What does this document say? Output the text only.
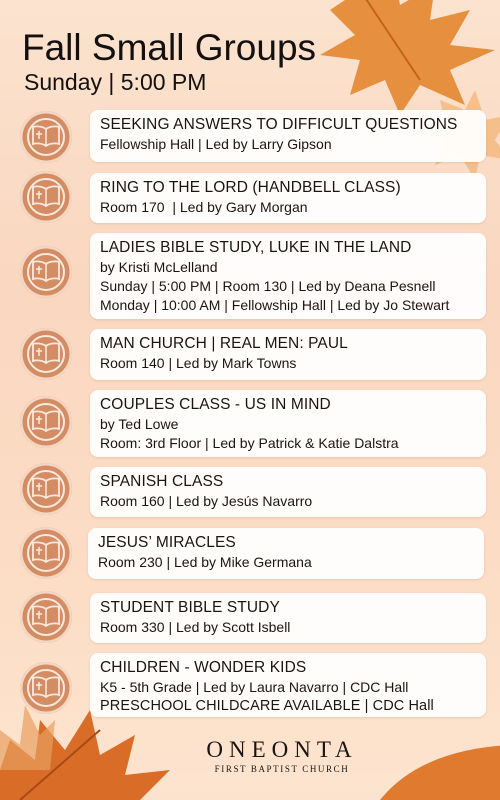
Fall Small Groups
Sunday | 5:00 PM
SEEKING ANSWERS TO DIFFICULT QUESTIONS
Fellowship Hall | Led by Larry Gipson
RING TO THE LORD (HANDBELL CLASS)
Room 170  | Led by Gary Morgan
LADIES BIBLE STUDY, LUKE IN THE LAND
by Kristi McLelland
Sunday | 5:00 PM | Room 130 | Led by Deana Pesnell
Monday | 10:00 AM | Fellowship Hall | Led by Jo Stewart
MAN CHURCH | REAL MEN: PAUL
Room 140 | Led by Mark Towns
COUPLES CLASS - US IN MIND
by Ted Lowe
Room: 3rd Floor | Led by Patrick & Katie Dalstra
SPANISH CLASS
Room 160 | Led by Jesús Navarro
JESUS’ MIRACLES
Room 230 | Led by Mike Germana
STUDENT BIBLE STUDY
Room 330 | Led by Scott Isbell
CHILDREN - WONDER KIDS
K5 - 5th Grade | Led by Laura Navarro | CDC Hall
PRESCHOOL CHILDCARE AVAILABLE | CDC Hall
ONEONTA
FIRST BAPTIST CHURCH
